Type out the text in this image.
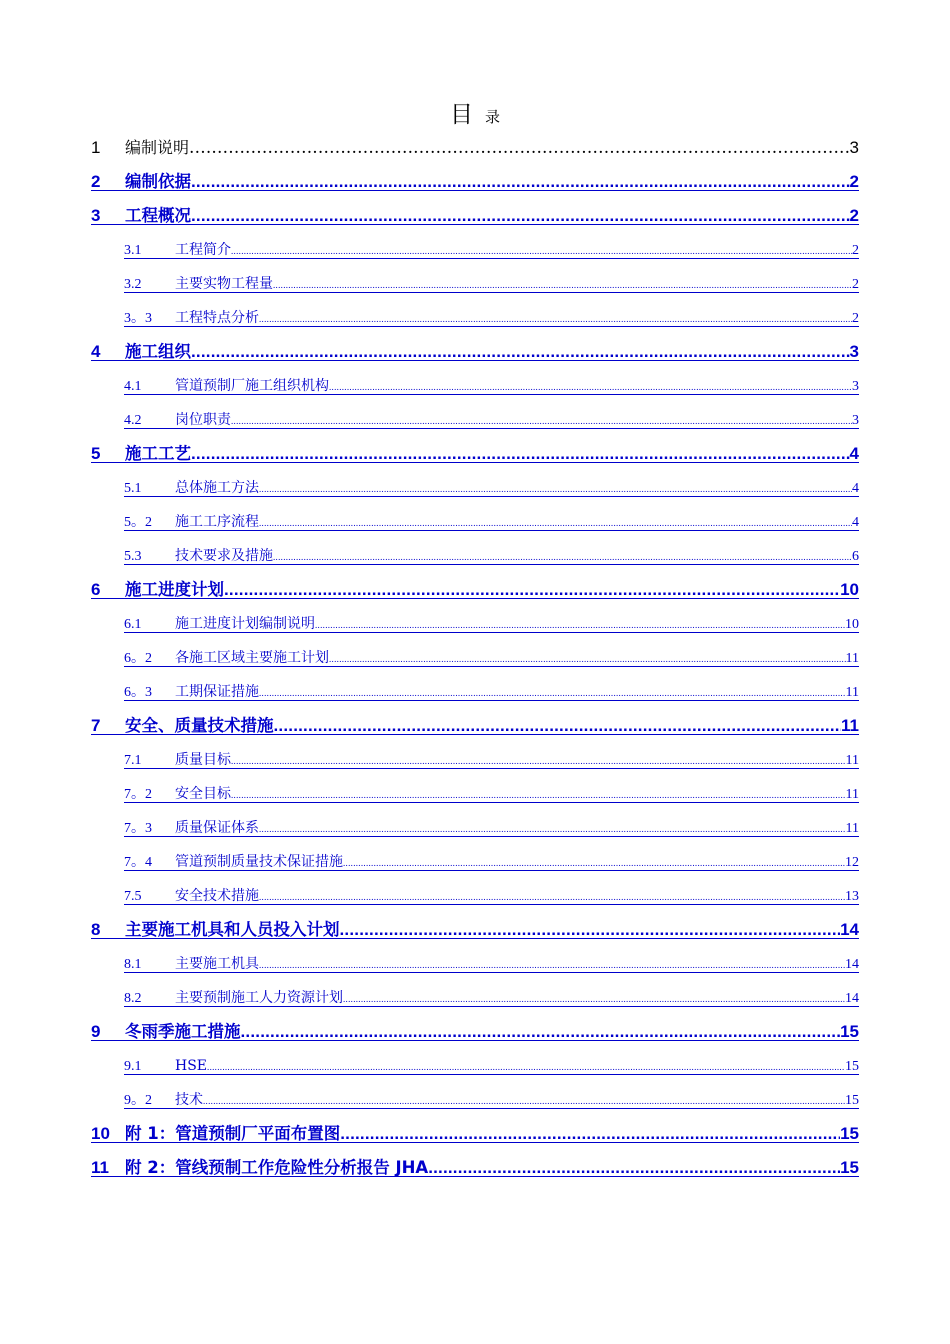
目录
1	编制说明 .....	3
2	编制依据 .....	2
3	工程概况 .....	2
3.1	工程简介 .....	2
3.2	主要实物工程量 .....	2
3。3	工程特点分析 .....	2
4	施工组织 .....	3
4.1	管道预制厂施工组织机构 .....	3
4.2	岗位职责 .....	3
5	施工工艺 .....	4
5.1	总体施工方法 .....	4
5。2	施工工序流程 .....	4
5.3	技术要求及措施 .....	6
6	施工进度计划 .....	10
6.1	施工进度计划编制说明 .....	10
6。2	各施工区域主要施工计划 .....	11
6。3	工期保证措施 .....	11
7	安全、质量技术措施 .....	11
7.1	质量目标 .....	11
7。2	安全目标 .....	11
7。3	质量保证体系 .....	11
7。4	管道预制质量技术保证措施 .....	12
7.5	安全技术措施 .....	13
8	主要施工机具和人员投入计划 .....	14
8.1	主要施工机具 .....	14
8.2	主要预制施工人力资源计划 .....	14
9	冬雨季施工措施 .....	15
9.1	HSE .....	15
9。2	技术 .....	15
10 附 1：管道预制厂平面布置图 .....	15
11 附 2：管线预制工作危险性分析报告 JHA .....	15
